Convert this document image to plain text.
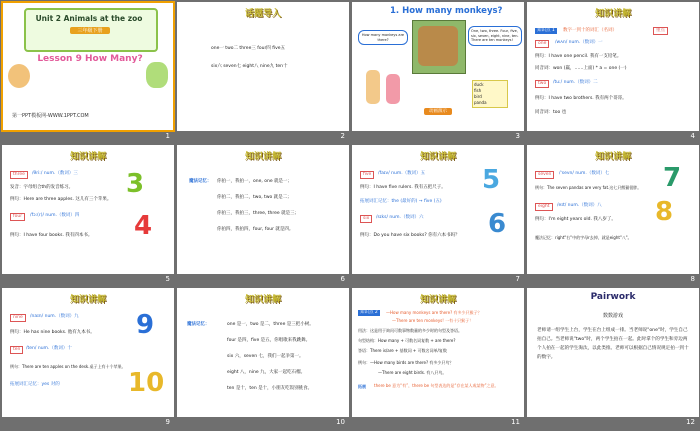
Unit 2 Animals at the zoo
三年级下册
Lesson 9 How Many?
第一PPT模板网-WWW.1PPT.COM
1
话题导入
one一 two二 three三 four四 five五
six六 seven七 eight八 nine九 ten十
2
1. How many monkeys?
How many monkeys are there?
One, two, three. Four, five, six, seven, eight, nine, ten. There are ten monkeys!
duck
fish
bird
panda
动画演示
3
知识讲解
知识点 1	数字一到十的词汇（名词）	重点
one	/wʌn/ num.（数词）一
例句：I have one pencil. 我有一支铅笔。
同音词：won (赢，……上面) * a = one (一)
two	/tuː/ num.（数词）二
例句：I have two brothers. 我有两个哥哥。
同音词：too 也
4
知识讲解
three	/θriː/ num.（数词）三
发音：字母组合th的发音练习。
例句：Here are three apples. 这儿有三个苹果。
four	/fɔː(r)/ num.（数词）四
例句：I have four books. 我有四本书。
3
4
5
知识讲解
魔法记忆： 你拍一，我拍一，one, one 就是一；
你拍二，我拍二，two, two 就是二；
你拍三，我拍三，three, three 就是三；
你拍四，我拍四，four, four 就是四。
6
知识讲解
five	/faɪv/ num.（数词）五
例句：I have five rulers. 我有五把尺子。
拓展词汇记忆：the (最好的) → five (五)
six	/sɪks/ num.（数词）六
例句：Do you have six books? 你有六本书吗？
5
6
7
知识讲解
seven	/ˈsevn/ num.（数词）七
例句：The seven pandas are very fat.这七只熊猫很胖。
eight	/eɪt/ num.（数词）八
例句：I'm eight years old. 我八岁了。
魔法记忆：right"右"中的字母r去掉，就是eight"八"。
7
8
8
知识讲解
nine	/naɪn/ num.（数词）九
例句：He has nine books. 他有九本书。
ten	/ten/ num.（数词）十
例句：There are ten apples on the desk.桌子上有十个苹果。
拓展词汇记忆：yes 对的
9
10
9
知识讲解
魔法记忆：	one 是一，two 是二，three 是三把小树。
four 是四，five 是五，你唱歌来我跳舞。
six 六，seven 七，我们一起争第一。
eight 八，nine 九，大家一起吃石榴。
ten 是十，ten 是十，小朋友吃饭别挑食。
10
知识讲解
知识点 2	—How many monkeys are there? 有多少只猴子？
—There are ten monkeys! 一有十只猴子！
用法：这是用于询问可数事物数量的多少时的句型及答语。
句型结构：How many + 可数名词复数 + are there?
答语：There is/are + 基数词 + 可数名词单/复数
例句：—How many birds are there? 有多少只鸟？
—There are eight birds. 有八只鸟。
拓展 there be 意为“有”，there be 句型表达的是“存在某人或某物”之意。
11
Pairwork
数数游戏
老师请一组学生上台，学生在台上组成一排。当老师说"one"时，学生自己拍自己。当老师说"two"时，两个学生拍在一起。此时拿个的学生和旁边两个人拍在一起的学生淘汰，以此类推。老师可以根据自己情况规定拍一到十的数字。
12
